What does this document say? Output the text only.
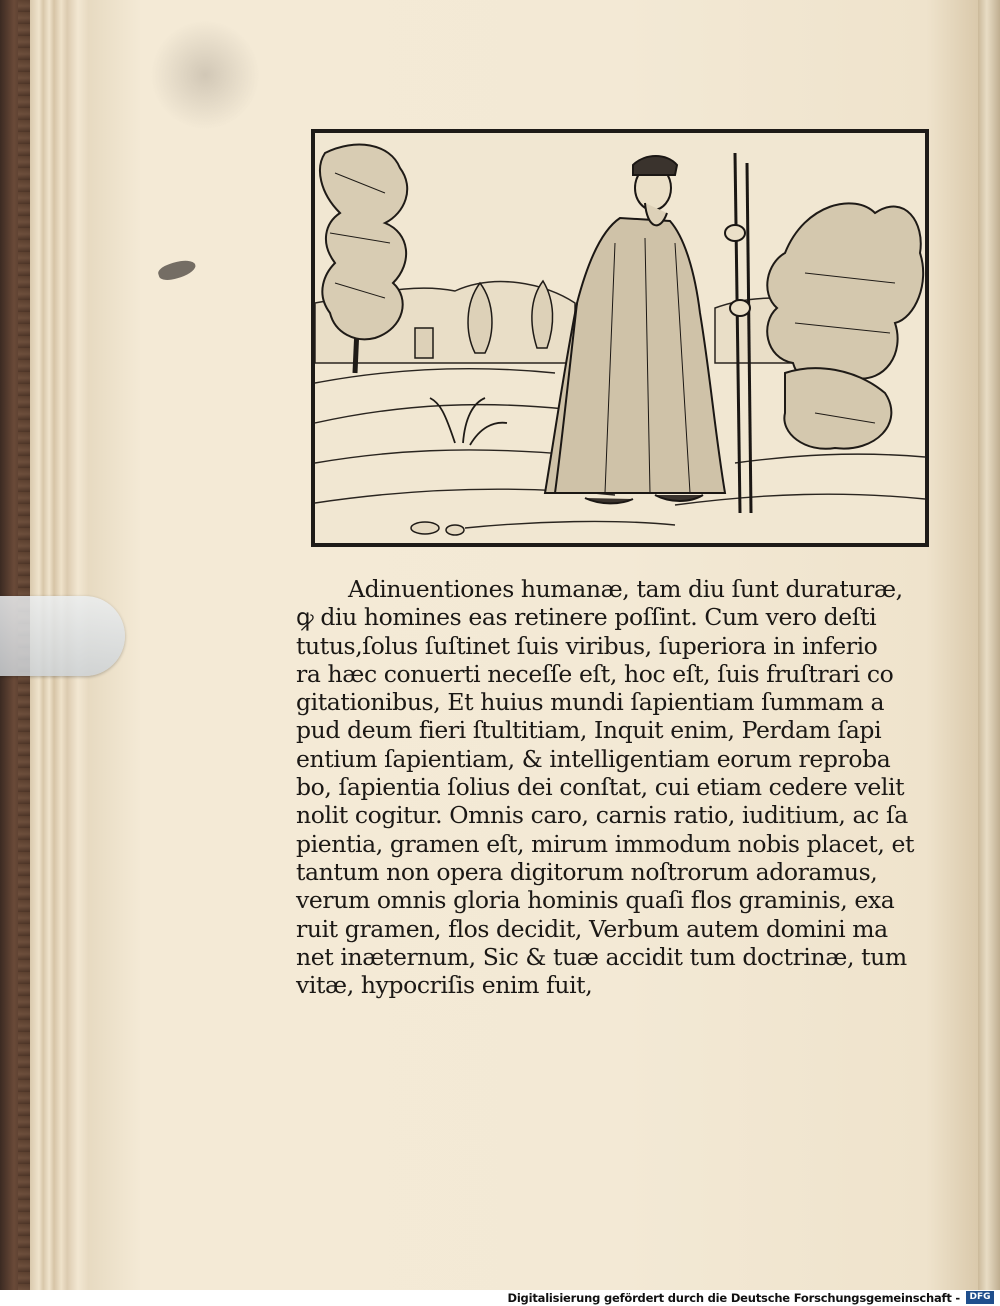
Adinuentiones humanæ, tam diu ſunt duraturæ,
ꝙ diu homines eas retinere poſſint. Cum vero deſti
tutus,ſolus ſuſtinet ſuis viribus, ſuperiora in inferio
ra hæc conuerti neceſſe eſt, hoc eſt, ſuis fruſtrari co
gitationibus, Et huius mundi ſapientiam ſummam a
pud deum fieri ſtultitiam, Inquit enim, Perdam ſapi
entium ſapientiam, & intelligentiam eorum reproba
bo, ſapientia ſolius dei conſtat, cui etiam cedere velit
nolit cogitur. Omnis caro, carnis ratio, iuditium, ac ſa
pientia, gramen eſt, mirum immodum nobis placet, et
tantum non opera digitorum noſtrorum adoramus,
verum omnis gloria hominis quaſi flos graminis, exa
ruit gramen, flos decidit, Verbum autem domini ma
net inæternum, Sic & tuæ accidit tum doctrinæ, tum
vitæ, hypocriſis enim fuit,
Digitalisierung gefördert durch die Deutsche Forschungsgemeinschaft -	DFG
